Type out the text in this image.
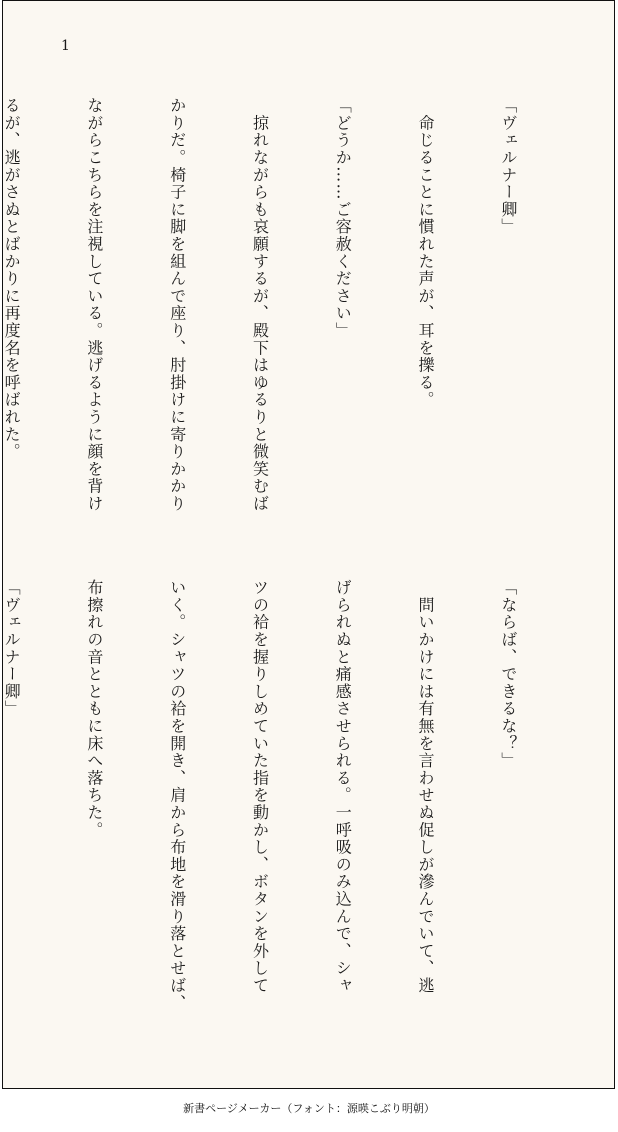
1

「ヴェルナー卿」

　命じることに慣れた声が、耳を擽る。

「どうか……ご容赦ください」

　掠れながらも哀願するが、殿下はゆるりと微笑むば

かりだ。椅子に脚を組んで座り、肘掛けに寄りかかり

ながらこちらを注視している。逃げるように顔を背け

るが、逃がさぬとばかりに再度名を呼ばれた。

「ならば、できるな？」

　問いかけには有無を言わせぬ促しが滲んでいて、逃

げられぬと痛感させられる。一呼吸のみ込んで、シャ

ツの袷を握りしめていた指を動かし、ボタンを外して

いく。シャツの袷を開き、肩から布地を滑り落とせば、

布擦れの音とともに床へ落ちた。

「ヴェルナー卿」

新書ページメーカー（フォント：源暎こぶり明朝）
